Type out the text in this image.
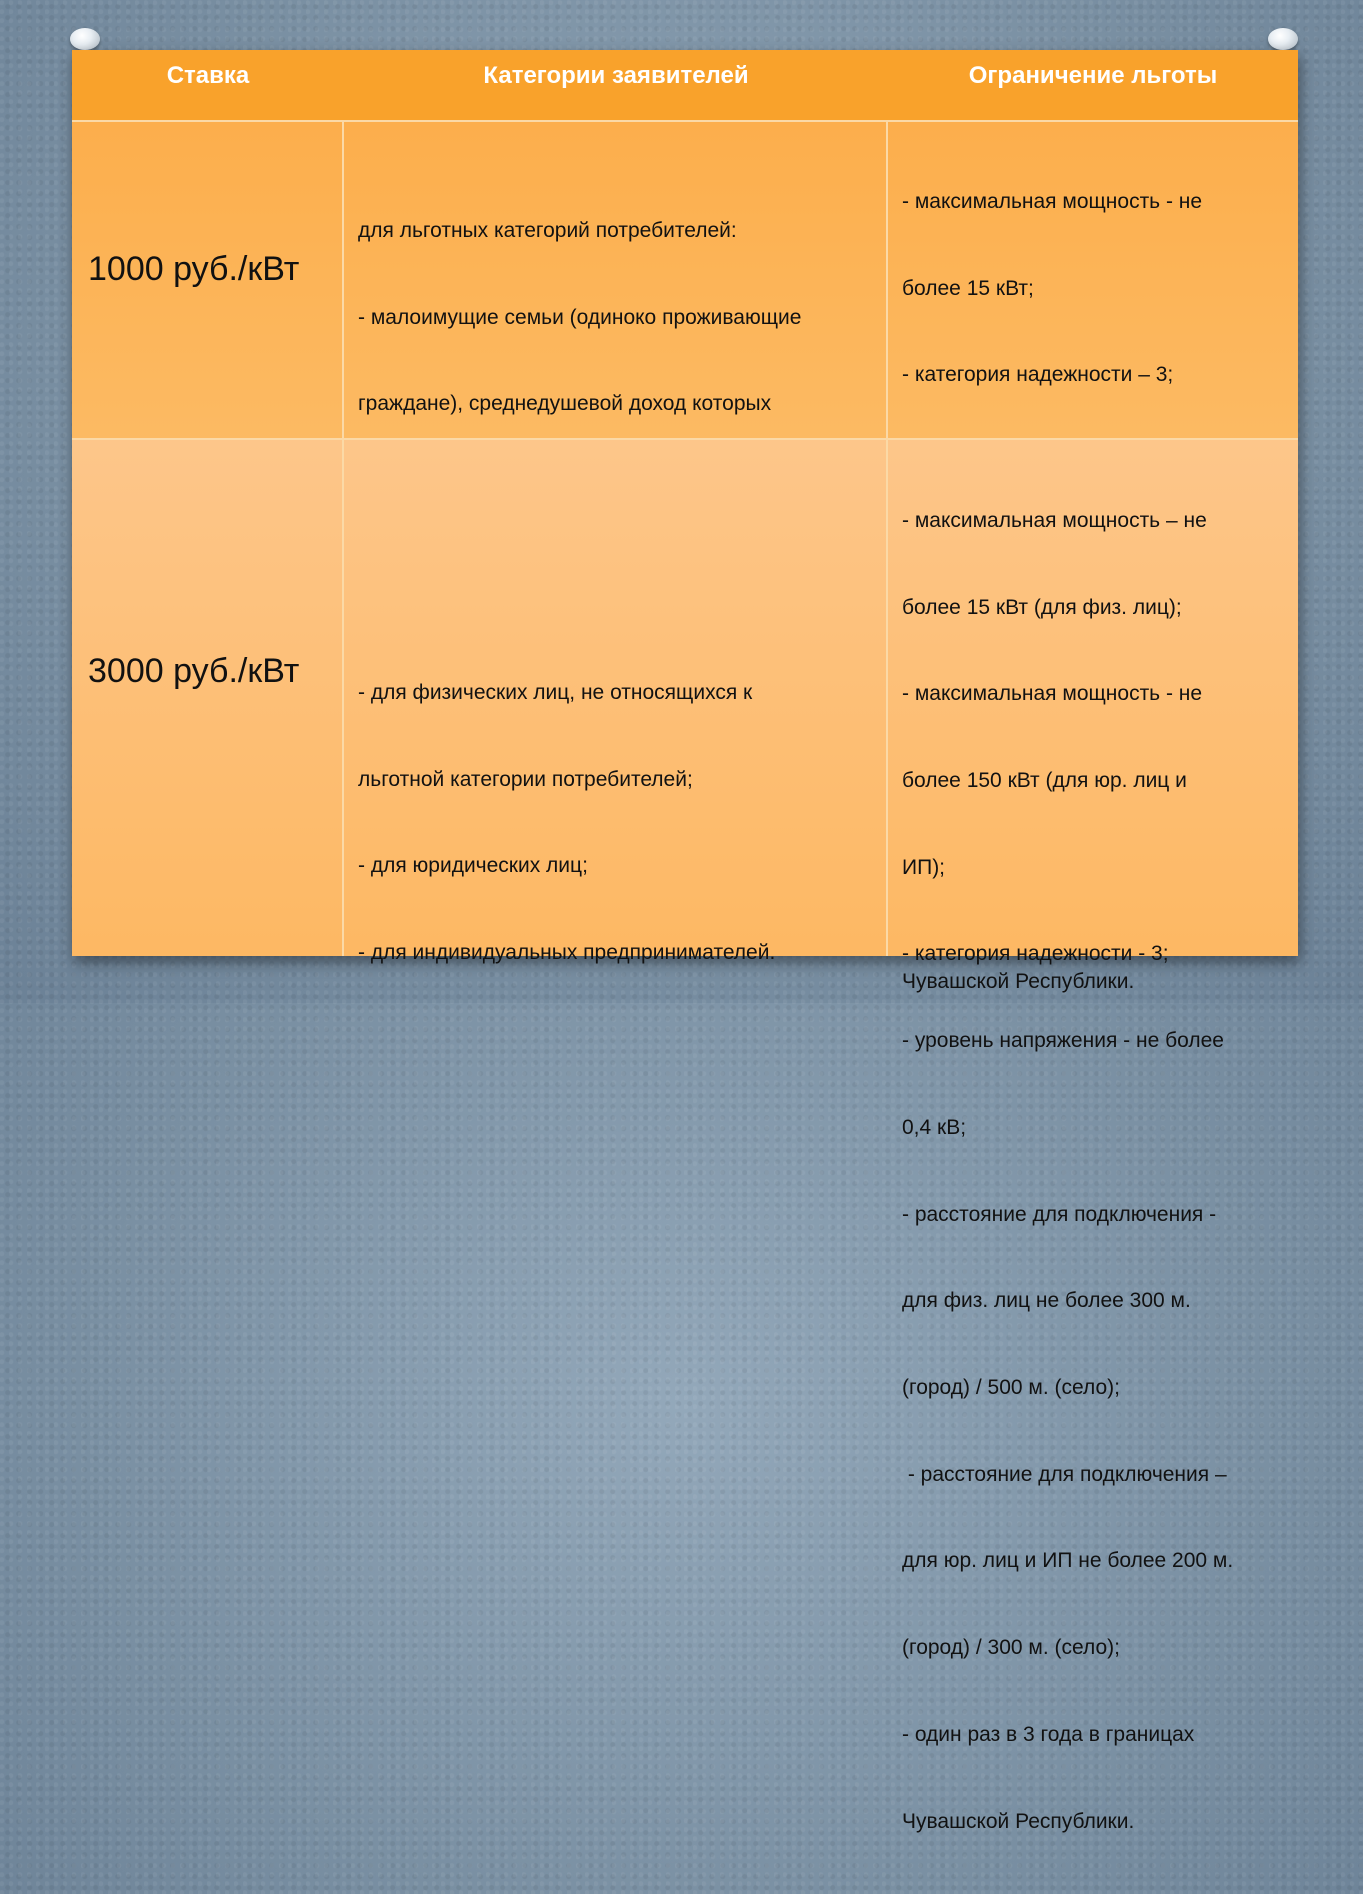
Ставка	Категории заявителей	Ограничение льготы
1000 руб./кВт

для льготных категорий потребителей:

- малоимущие семьи (одиноко проживающие

граждане), среднедушевой доход которых

- максимальная мощность - не

более 15 кВт;

- категория надежности – 3;

Чувашской Республики.

3000 руб./кВт

- для физических лиц, не относящихся к

льготной категории потребителей;

- для юридических лиц;

- для индивидуальных предпринимателей.

- максимальная мощность – не

более 15 кВт (для физ. лиц);

- максимальная мощность - не

более 150 кВт (для юр. лиц и

ИП);

- категория надежности - 3;

- уровень напряжения - не более

0,4 кВ;

- расстояние для подключения -

для физ. лиц не более 300 м.

(город) / 500 м. (село);

- расстояние для подключения –

для юр. лиц и ИП не более 200 м.

(город) / 300 м. (село);

- один раз в 3 года в границах

Чувашской Республики.
